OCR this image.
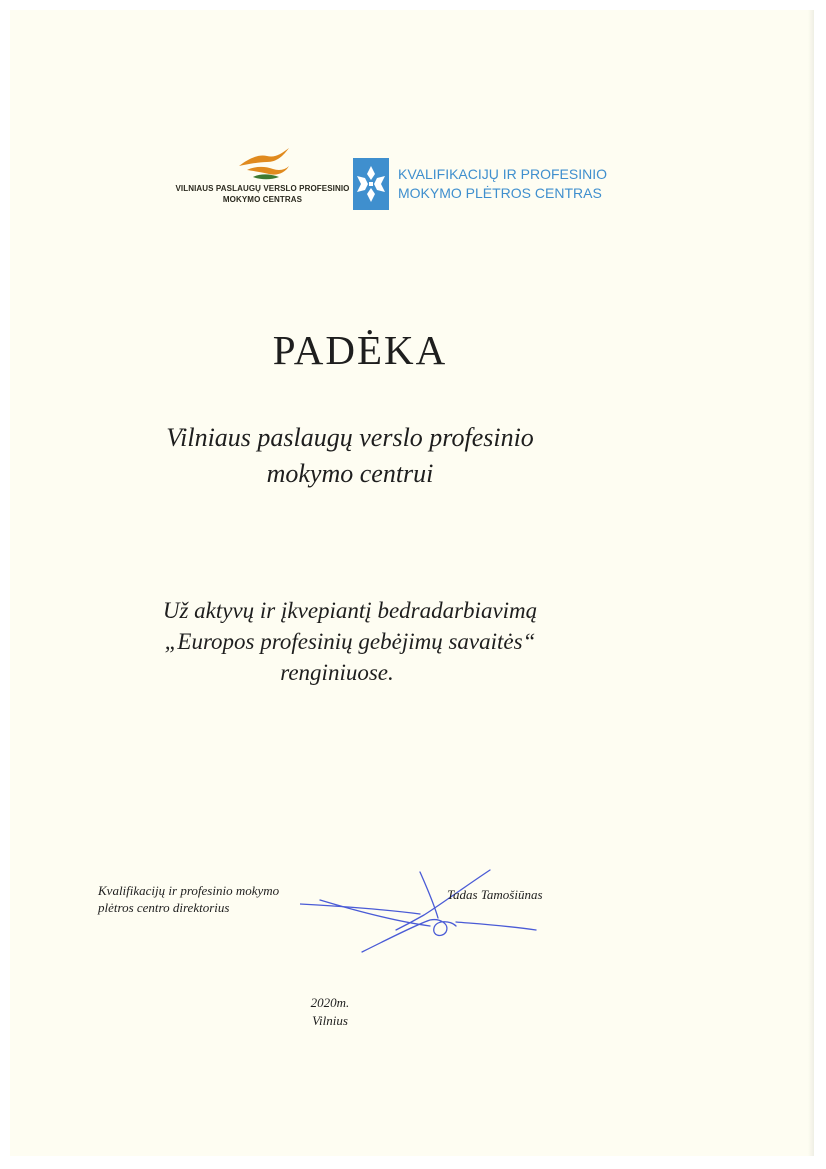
VILNIAUS PASLAUGŲ VERSLO PROFESINIO
MOKYMO CENTRAS
KVALIFIKACIJŲ IR PROFESINIO
MOKYMO PLĖTROS CENTRAS
PADĖKA
Vilniaus paslaugų verslo profesinio
mokymo centrui
Už aktyvų ir įkvepiantį bedradarbiavimą
„Europos profesinių gebėjimų savaitės“
renginiuose.
Kvalifikacijų ir profesinio mokymo
plėtros centro direktorius
Tadas Tamošiūnas
2020m.
Vilnius
